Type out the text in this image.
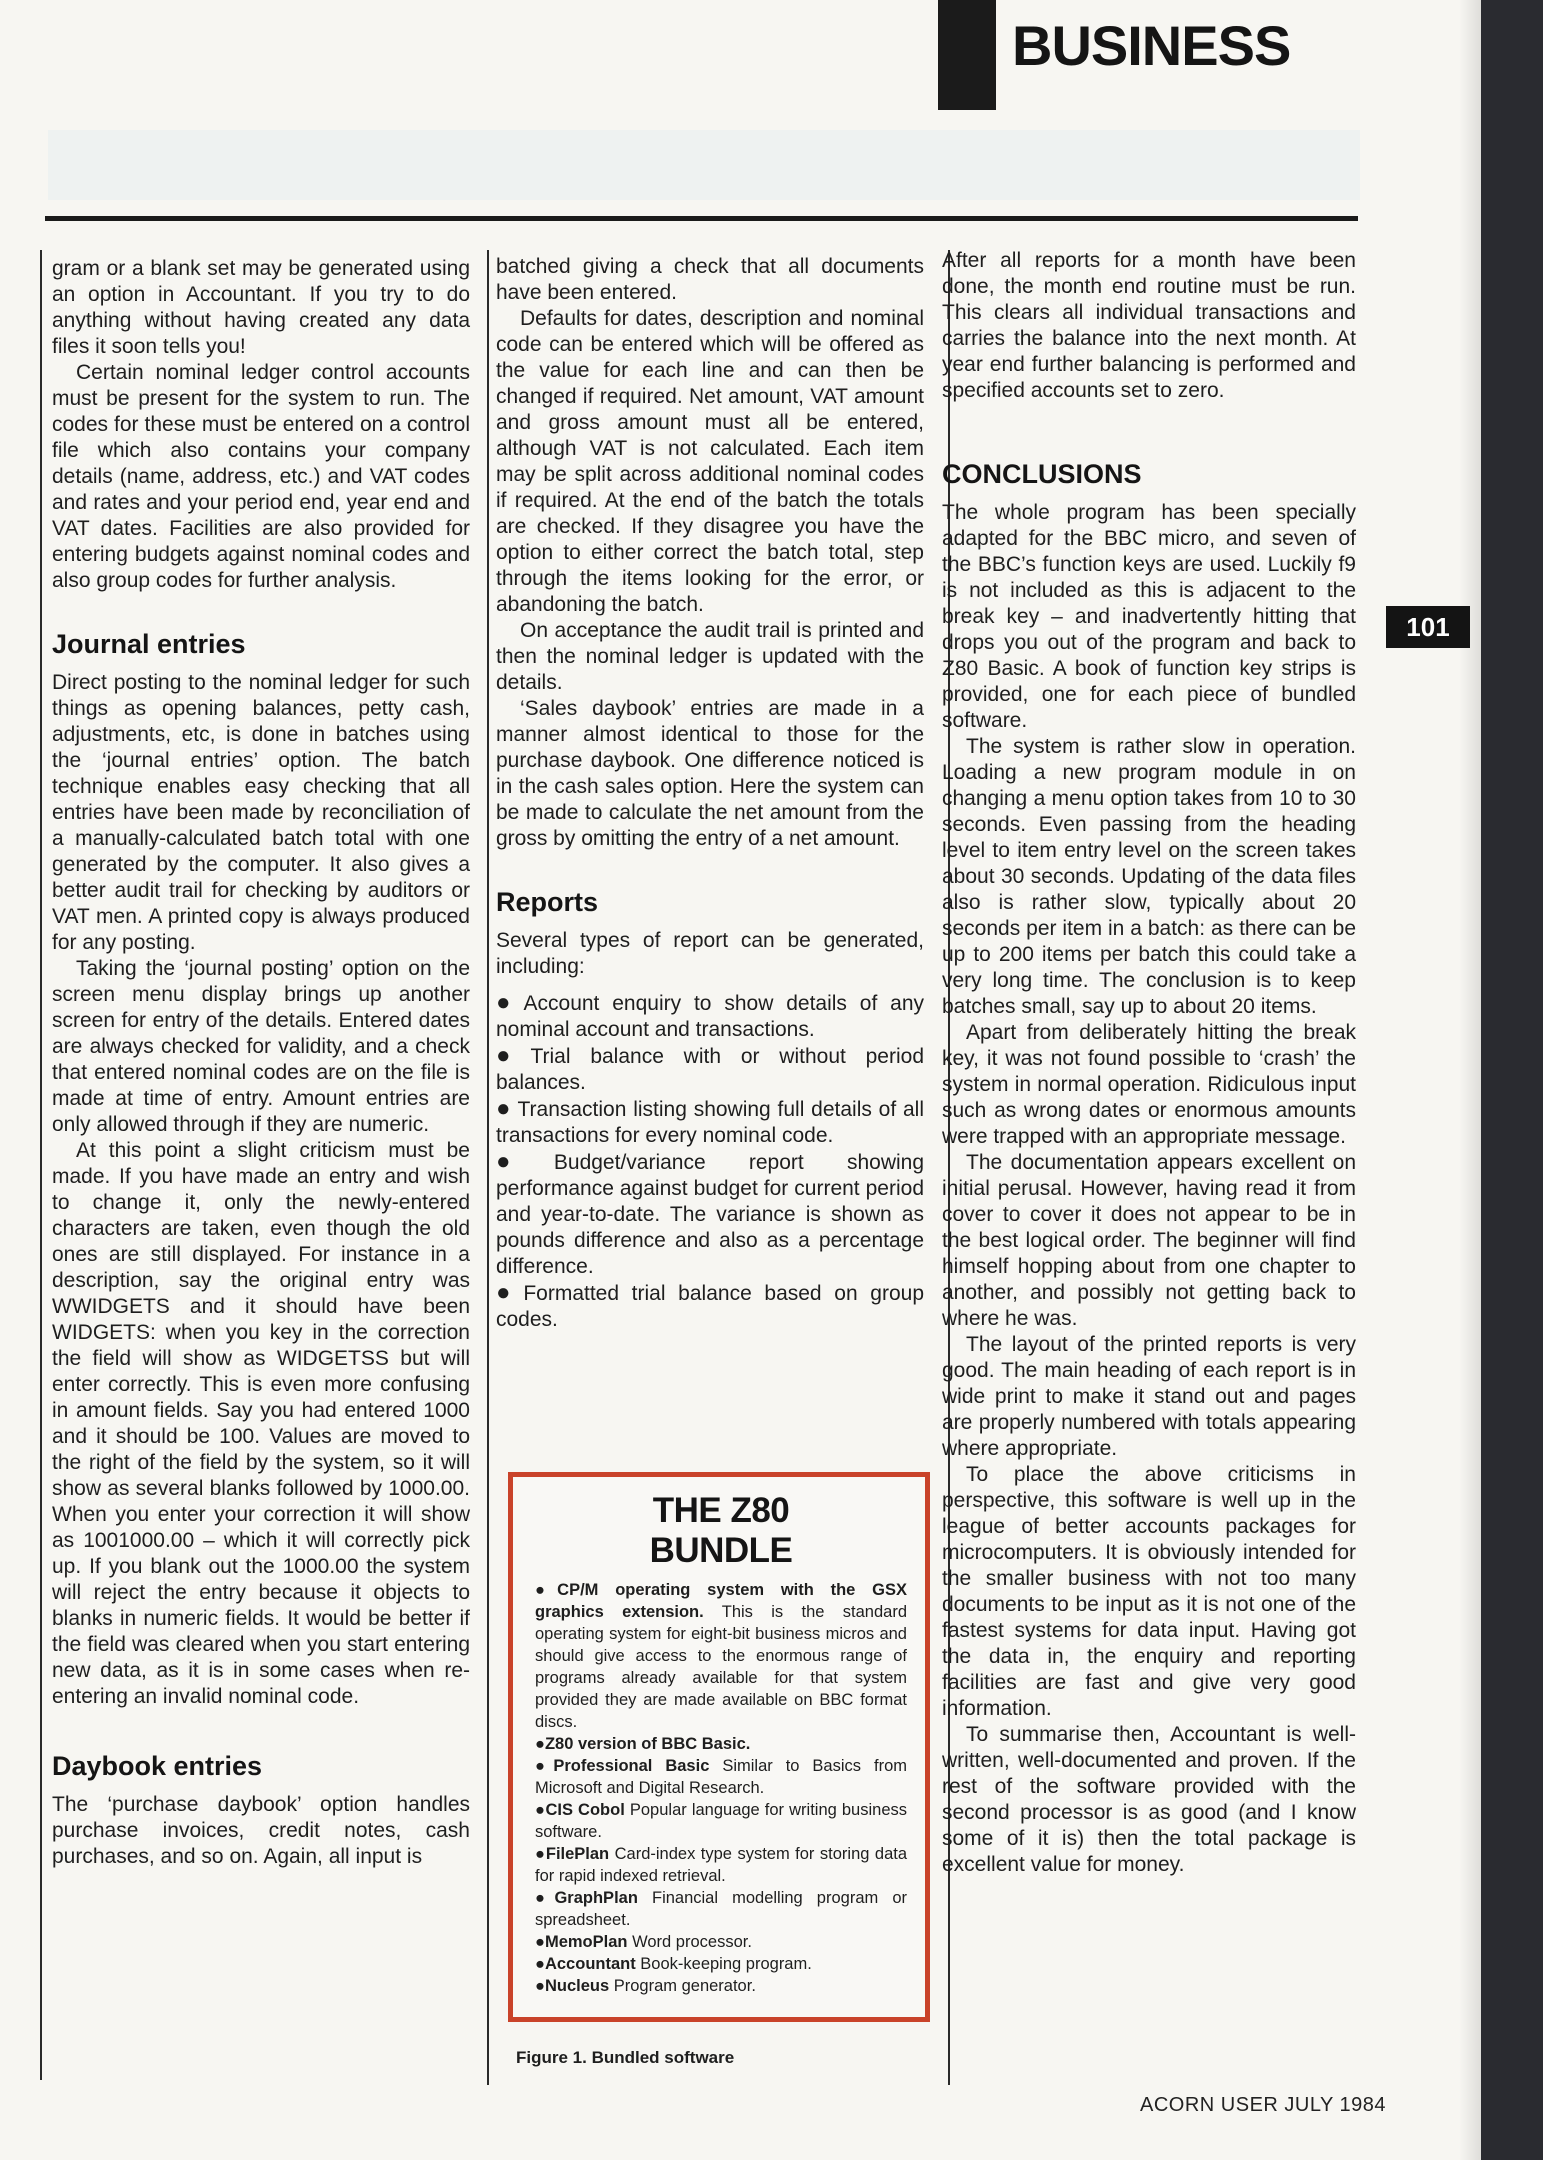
BUSINESS

gram or a blank set may be generated using an option in Accountant. If you try to do anything without having created any data files it soon tells you!

Certain nominal ledger control accounts must be present for the system to run. The codes for these must be entered on a control file which also contains your company details (name, address, etc.) and VAT codes and rates and your period end, year end and VAT dates. Facilities are also provided for entering budgets against nominal codes and also group codes for further analysis.

Journal entries

Direct posting to the nominal ledger for such things as opening balances, petty cash, adjustments, etc, is done in batches using the ‘journal entries’ option. The batch technique enables easy checking that all entries have been made by reconciliation of a manually-calculated batch total with one generated by the computer. It also gives a better audit trail for checking by auditors or VAT men. A printed copy is always produced for any posting.

Taking the ‘journal posting’ option on the screen menu display brings up another screen for entry of the details. Entered dates are always checked for validity, and a check that entered nominal codes are on the file is made at time of entry. Amount entries are only allowed through if they are numeric.

At this point a slight criticism must be made. If you have made an entry and wish to change it, only the newly-entered characters are taken, even though the old ones are still displayed. For instance in a description, say the original entry was WWIDGETS and it should have been WIDGETS: when you key in the correction the field will show as WIDGETSS but will enter correctly. This is even more confusing in amount fields. Say you had entered 1000 and it should be 100. Values are moved to the right of the field by the system, so it will show as several blanks followed by 1000.00. When you enter your correction it will show as 1001000.00 – which it will correctly pick up. If you blank out the 1000.00 the system will reject the entry because it objects to blanks in numeric fields. It would be better if the field was cleared when you start entering new data, as it is in some cases when re-entering an invalid nominal code.

Daybook entries

The ‘purchase daybook’ option handles purchase invoices, credit notes, cash purchases, and so on. Again, all input is

batched giving a check that all documents have been entered.

Defaults for dates, description and nominal code can be entered which will be offered as the value for each line and can then be changed if required. Net amount, VAT amount and gross amount must all be entered, although VAT is not calculated. Each item may be split across additional nominal codes if required. At the end of the batch the totals are checked. If they disagree you have the option to either correct the batch total, step through the items looking for the error, or abandoning the batch.

On acceptance the audit trail is printed and then the nominal ledger is updated with the details.

‘Sales daybook’ entries are made in a manner almost identical to those for the purchase daybook. One difference noticed is in the cash sales option. Here the system can be made to calculate the net amount from the gross by omitting the entry of a net amount.

Reports

Several types of report can be generated, including:

● Account enquiry to show details of any nominal account and transactions.
● Trial balance with or without period balances.
● Transaction listing showing full details of all transactions for every nominal code.
● Budget/variance report showing performance against budget for current period and year-to-date. The variance is shown as pounds difference and also as a percentage difference.
● Formatted trial balance based on group codes.
THE Z80
BUNDLE
●CP/M operating system with the GSX graphics extension. This is the standard operating system for eight-bit business micros and should give access to the enormous range of programs already available for that system provided they are made available on BBC format discs.
●Z80 version of BBC Basic.
●Professional Basic Similar to Basics from Microsoft and Digital Research.
●CIS Cobol Popular language for writing business software.
●FilePlan Card-index type system for storing data for rapid indexed retrieval.
●GraphPlan Financial modelling program or spreadsheet.
●MemoPlan Word processor.
●Accountant Book-keeping program.
●Nucleus Program generator.
Figure 1. Bundled software

After all reports for a month have been done, the month end routine must be run. This clears all individual transactions and carries the balance into the next month. At year end further balancing is performed and specified accounts set to zero.

CONCLUSIONS

The whole program has been specially adapted for the BBC micro, and seven of the BBC’s function keys are used. Luckily f9 is not included as this is adjacent to the break key – and inadvertently hitting that drops you out of the program and back to Z80 Basic. A book of function key strips is provided, one for each piece of bundled software.

The system is rather slow in operation. Loading a new program module in on changing a menu option takes from 10 to 30 seconds. Even passing from the heading level to item entry level on the screen takes about 30 seconds. Updating of the data files also is rather slow, typically about 20 seconds per item in a batch: as there can be up to 200 items per batch this could take a very long time. The conclusion is to keep batches small, say up to about 20 items.

Apart from deliberately hitting the break key, it was not found possible to ‘crash’ the system in normal operation. Ridiculous input such as wrong dates or enormous amounts were trapped with an appropriate message.

The documentation appears excellent on initial perusal. However, having read it from cover to cover it does not appear to be in the best logical order. The beginner will find himself hopping about from one chapter to another, and possibly not getting back to where he was.

The layout of the printed reports is very good. The main heading of each report is in wide print to make it stand out and pages are properly numbered with totals appearing where appropriate.

To place the above criticisms in perspective, this software is well up in the league of better accounts packages for microcomputers. It is obviously intended for the smaller business with not too many documents to be input as it is not one of the fastest systems for data input. Having got the data in, the enquiry and reporting facilities are fast and give very good information.

To summarise then, Accountant is well-written, well-documented and proven. If the rest of the software provided with the second processor is as good (and I know some of it is) then the total package is excellent value for money.

101
ACORN USER JULY 1984
